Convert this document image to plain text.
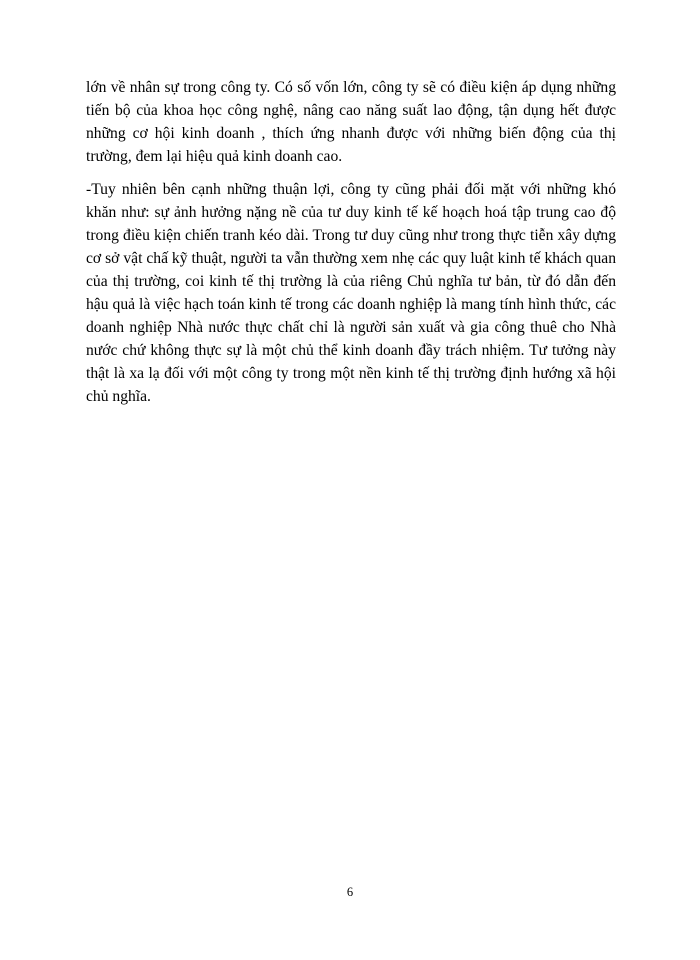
lớn về nhân sự trong công ty. Có số vốn lớn, công ty sẽ có điều kiện áp dụng những tiến bộ của khoa học công nghệ, nâng cao năng suất lao động, tận dụng hết được những cơ hội kinh doanh , thích ứng nhanh được với những biến động của thị trường, đem lại hiệu quả kinh doanh cao.

-Tuy nhiên bên cạnh những thuận lợi, công ty cũng phải đối mặt với những khó khăn như: sự ảnh hưởng nặng nề của tư duy kinh tế kế hoạch hoá tập trung cao độ trong điều kiện chiến tranh kéo dài. Trong tư duy cũng như trong thực tiễn xây dựng cơ sở vật chấ kỹ thuật, người ta vẫn thường xem nhẹ các quy luật kinh tế khách quan của thị trường, coi kinh tế thị trường là của riêng Chủ nghĩa tư bản, từ đó dẫn đến hậu quả là việc hạch toán kinh tế trong các doanh nghiệp là mang tính hình thức, các doanh nghiệp Nhà nước thực chất chỉ là người sản xuất và gia công thuê cho Nhà nước chứ không thực sự là một chủ thể kinh doanh đầy trách nhiệm. Tư tưởng này thật là xa lạ đối với một công ty trong một nền kinh tế thị trường định hướng xã hội chủ nghĩa.

6
